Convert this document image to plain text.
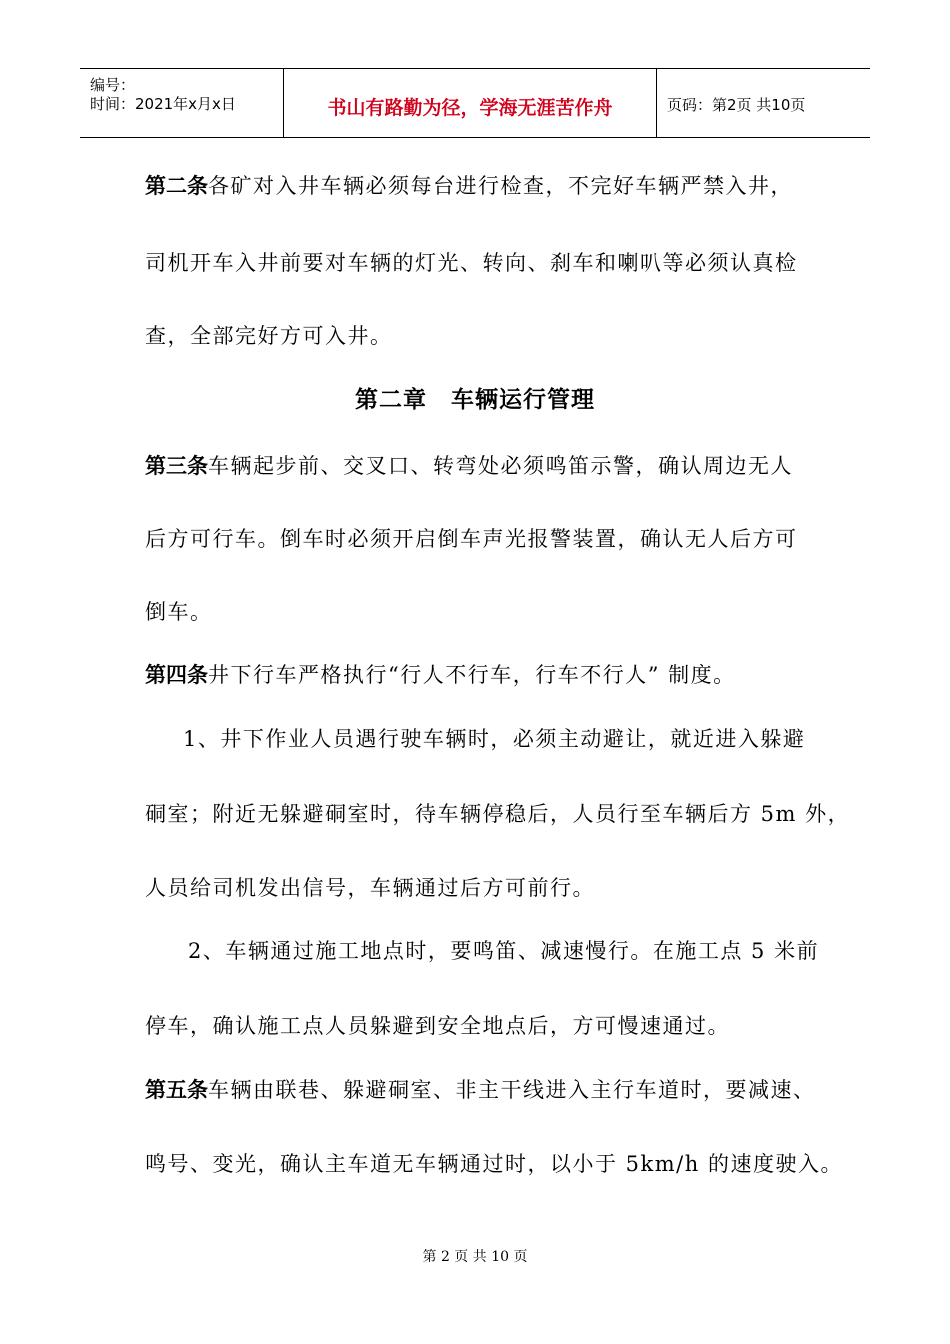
编号：
时间：2021年x月x日	书山有路勤为径，学海无涯苦作舟	页码：第2页 共10页
第二条各矿对入井车辆必须每台进行检查，不完好车辆严禁入井，
司机开车入井前要对车辆的灯光、转向、刹车和喇叭等必须认真检
查，全部完好方可入井。
第二章　车辆运行管理
第三条车辆起步前、交叉口、转弯处必须鸣笛示警，确认周边无人
后方可行车。倒车时必须开启倒车声光报警装置，确认无人后方可
倒车。
第四条井下行车严格执行“行人不行车，行车不行人” 制度。
1、井下作业人员遇行驶车辆时，必须主动避让，就近进入躲避
硐室；附近无躲避硐室时，待车辆停稳后，人员行至车辆后方 5m 外，
人员给司机发出信号，车辆通过后方可前行。
2、车辆通过施工地点时，要鸣笛、减速慢行。在施工点 5 米前
停车，确认施工点人员躲避到安全地点后，方可慢速通过。
第五条车辆由联巷、躲避硐室、非主干线进入主行车道时，要减速、
鸣号、变光，确认主车道无车辆通过时，以小于 5km/h 的速度驶入。
第 2 页 共 10 页
